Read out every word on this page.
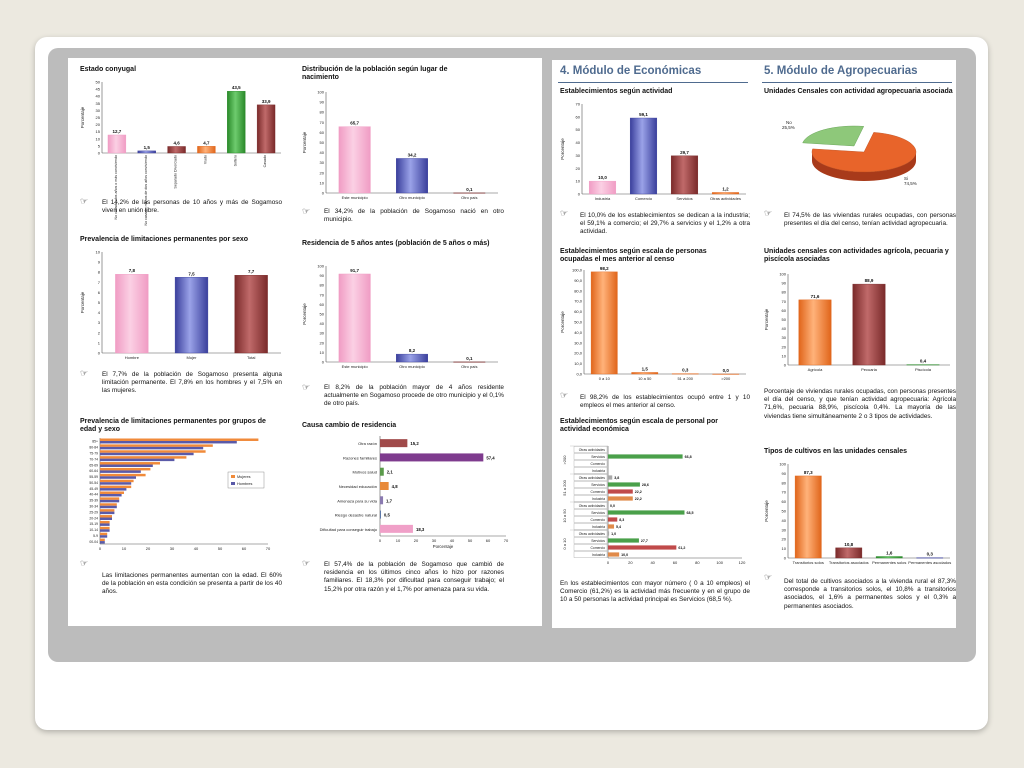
Estado conyugal
50
45
40
35
30
25
20
15
10
5
0
Porcentaje
12,7
No casado, dos años o más conviviendo
1,5
No casado, menos de dos años conviviendo
4,6
Separado Divorciado
4,7
Viudo
43,5
Soltero
33,9
Casado
☞ El 14,2% de las personas de 10 años y más de Sogamoso viven en unión libre.
Prevalencia de limitaciones permanentes por sexo
10
9
8
7
6
5
4
3
2
1
0
Porcentaje
7,8
Hombre
7,5
Mujer
7,7
Total
☞ El 7,7% de la población de Sogamoso presenta alguna limitación permanente. El 7,8% en los hombres y el 7,5% en las mujeres.
Prevalencia de limitaciones permanentes por grupos de edad y sexo
85+
80-84
75-79
70-74
65-69
60-64
55-59
50-54
45-49
40-44
35-39
30-34
25-29
20-24
15-19
10-14
5-9
00-04
0	10	20	30	40	50	60	70
Mujeres
Hombres
☞
Las limitaciones permanentes aumentan con la edad. El 60% de la población en esta condición se presenta a partir de los 40 años.
Distribución de la población según lugar de nacimiento
100
90
80
70
60
50
40
30
20
10
0
Porcentaje
65,7
Este municipio
34,2
Otro municipio
0,1
Otro país
☞ El 34,2% de la población de Sogamoso nació en otro municipio.
Residencia de 5 años antes (población de 5 años o más)
100
90
80
70
60
50
40
30
20
10
0
Porcentaje
91,7
Este municipio
8,2
Otro municipio
0,1
Otro país
☞ El 8,2% de la población mayor de 4 años residente actualmente en Sogamoso procede de otro municipio y el 0,1% de otro país.
Causa cambio de residencia
Otra razón	15,2
Razones familiares	57,4
Motivos salud 2,1
Necesidad educación	4,8
Amenaza para su vida 1,7
Riesgo desastre natural 0,5
Dificultad para conseguir trabajo	18,3
0	10	20	30	40	50	60	70
Porcentaje
☞ El 57,4% de la población de Sogamoso que cambió de residencia en los últimos cinco años lo hizo por razones familiares. El 18,3% por dificultad para conseguir trabajo; el 15,2% por otra razón y el 1,7% por amenaza para su vida.
4. Módulo de Económicas	5. Módulo de Agropecuarias
Establecimientos según actividad
70
60
50
40
30
20
10
0
Porcentaje
10,0
Industria
59,1
Comercio
29,7
Servicios
1,2
Otras actividades
☞ El 10,0% de los establecimientos se dedican a la industria; el 59,1% a comercio; el 29,7% a servicios y el 1,2% a otra actividad.
Establecimientos según escala de personas ocupadas el mes anterior al censo
100,0
90,0
80,0
70,0
60,0
50,0
40,0
30,0
20,0
10,0
0,0
Porcentaje
98,2
0 a 10
1,5
10 a 50
0,3
51 a 200
0,0
>200
☞ El 98,2% de los establecimientos ocupó entre 1 y 10 empleos el mes anterior al censo.
Establecimientos según escala de personal por actividad económica
>200
Otras actividades
Servicios	66,8
Comercio
Industria
51 a 200
Otras actividades	3,8
Servicios	28,6
Comercio	22,2
Industria	22,2
10 a 50
Otras actividades 0,0
Servicios	68,5
Comercio	8,3
Industria	5,4
0 a 10
Otras actividades 1,0
Servicios	27,7
Comercio	61,2
Industria	10,0
0	20	40	60	80	100	120
En los establecimientos con mayor número ( 0 a 10 empleos) el Comercio (61,2%) es la actividad más frecuente y en el grupo de 10 a 50 personas la actividad principal es Servicios (68,5 %).
Unidades Censales con actividad agropecuaria asociada
No
25,5%
Si
74,5%
☞ El 74,5% de las viviendas rurales ocupadas, con personas presentes el día del censo, tenían actividad agropecuaria.
Unidades censales con actividades agrícola, pecuaria y piscícola asociadas
100
90
80
70
60
50
40
30
20
10
0
Porcentaje
71,6
Agrícola
88,9
Pecuaria
0,4
Piscícola
Porcentaje de viviendas rurales ocupadas, con personas presentes el día del censo, y que tenían actividad agropecuaria: Agrícola 71,6%, pecuaria 88,9%, piscícola 0,4%. La mayoría de las viviendas tiene simultáneamente 2 o 3 tipos de actividades.
Tipos de cultivos en las unidades censales
100
90
80
70
60
50
40
30
20
10
0
Porcentaje
87,3
Transitorios solos
10,8
Transitorios asociados
1,6
Permanentes solos
0,3
Permanentes asociados
☞ Del total de cultivos asociados a la vivienda rural el 87,3% corresponde a transitorios solos, el 10,8% a transitorios asociados, el 1,6% a permanentes solos y el 0,3% a permanentes asociados.
